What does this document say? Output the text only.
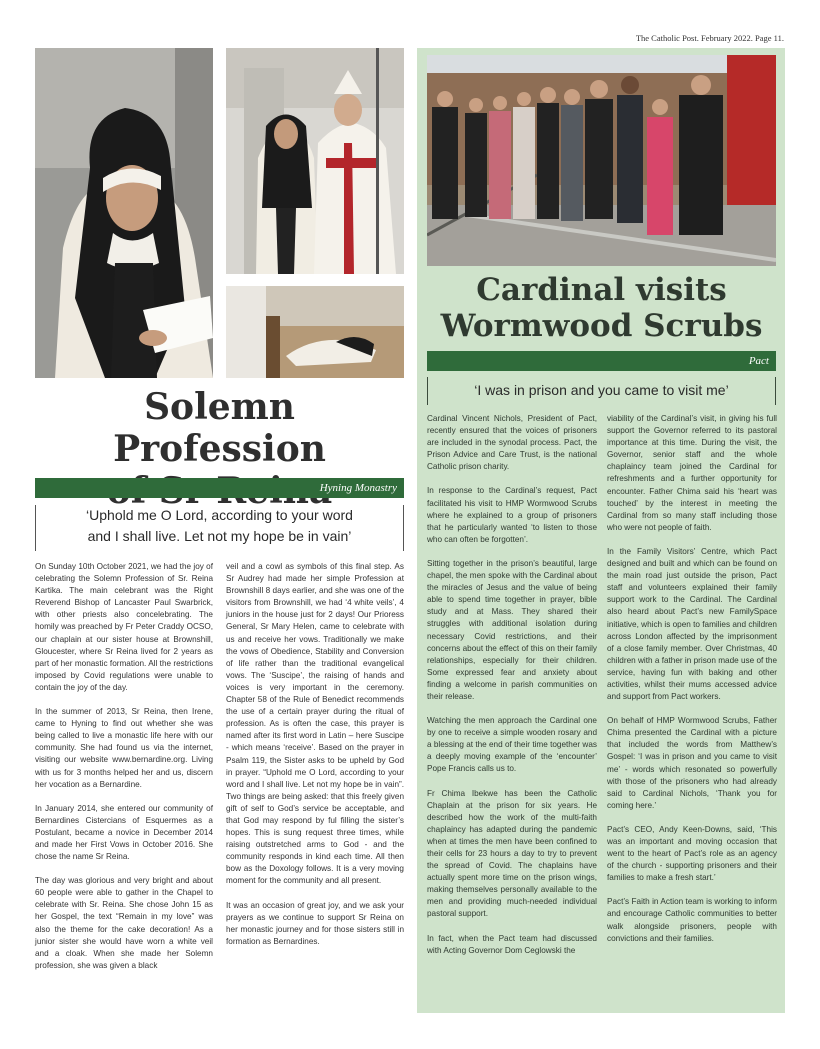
The Catholic Post. February 2022. Page 11.
Solemn Profession
Hyning Monastry
‘Uphold me O Lord, according to your word
and I shall live. Let not my hope be in vain’

On Sunday 10th October 2021, we had the joy of celebrating the Solemn Profession of Sr. Reina Kartika. The main celebrant was the Right Reverend Bishop of Lancaster Paul Swarbrick, with other priests also concelebrating. The homily was preached by Fr Peter Craddy OCSO, our chaplain at our sister house at Brownshill, Gloucester, where Sr Reina lived for 2 years as part of her monastic formation. All the restrictions imposed by Covid regulations were unable to contain the joy of the day.

In the summer of 2013, Sr Reina, then Irene, came to Hyning to find out whether she was being called to live a monastic life here with our community. She had found us via the internet, visiting our website www.bernardine.org. Living with us for 3 months helped her and us, discern her vocation as a Bernardine.

In January 2014, she entered our community of Bernardines Cistercians of Esquermes as a Postulant, became a novice in December 2014 and made her First Vows in October 2016. She chose the name Sr Reina.

The day was glorious and very bright and about 60 people were able to gather in the Chapel to celebrate with Sr. Reina. She chose John 15 as her Gospel, the text “Remain in my love” was also the theme for the cake decoration! As a junior sister she would have worn a white veil and a cloak. When she made her Solemn profession, she was given a black

veil and a cowl as symbols of this final step. As Sr Audrey had made her simple Profession at Brownshill 8 days earlier, and she was one of the visitors from Brownshill, we had ‘4 white veils’, 4 juniors in the house just for 2 days! Our Prioress General, Sr Mary Helen, came to celebrate with us and receive her vows. Traditionally we make the vows of Obedience, Stability and Conversion of life rather than the traditional evangelical vows. The ‘Suscipe’, the raising of hands and voices is very important in the ceremony. Chapter 58 of the Rule of Benedict recommends the use of a certain prayer during the ritual of profession. As is often the case, this prayer is named after its first word in Latin – here Suscipe - which means ‘receive’. Based on the prayer in Psalm 119, the Sister asks to be upheld by God in prayer. “Uphold me O Lord, according to your word and I shall live. Let not my hope be in vain”. Two things are being asked: that this freely given gift of self to God’s service be acceptable, and that God may respond by ful filling the sister’s hopes. This is sung request three times, while raising outstretched arms to God - and the community responds in kind each time. All then bow as the Doxology follows. It is a very moving moment for the community and all present.

It was an occasion of great joy, and we ask your prayers as we continue to support Sr Reina on her monastic journey and for those sisters still in formation as Bernardines.

Cardinal visits
Wormwood Scrubs
Pact
‘I was in prison and you came to visit me’

Cardinal Vincent Nichols, President of Pact, recently ensured that the voices of prisoners are included in the synodal process. Pact, the Prison Advice and Care Trust, is the national Catholic prison charity.

In response to the Cardinal’s request, Pact facilitated his visit to HMP Wormwood Scrubs where he explained to a group of prisoners that he particularly wanted ‘to listen to those who can often be forgotten’.

Sitting together in the prison’s beautiful, large chapel, the men spoke with the Cardinal about the miracles of Jesus and the value of being able to spend time together in prayer, bible study and at Mass. They shared their struggles with additional isolation during necessary Covid restrictions, and their concerns about the effect of this on their family relationships, especially for their children. Some expressed fear and anxiety about finding a welcome in parish communities on their release.

Watching the men approach the Cardinal one by one to receive a simple wooden rosary and a blessing at the end of their time together was a deeply moving example of the ‘encounter’ Pope Francis calls us to.

Fr Chima Ibekwe has been the Catholic Chaplain at the prison for six years. He described how the work of the multi-faith chaplaincy has adapted during the pandemic when at times the men have been confined to their cells for 23 hours a day to try to prevent the spread of Covid. The chaplains have actually spent more time on the prison wings, making themselves personally available to the men and providing much-needed individual pastoral support.

In fact, when the Pact team had discussed with Acting Governor Dom Ceglowski the

viability of the Cardinal’s visit, in giving his full support the Governor referred to its pastoral importance at this time. During the visit, the Governor, senior staff and the whole chaplaincy team joined the Cardinal for refreshments and a further opportunity for encounter. Father Chima said his ‘heart was touched’ by the interest in meeting the Cardinal from so many staff including those who were not people of faith.

In the Family Visitors’ Centre, which Pact designed and built and which can be found on the main road just outside the prison, Pact staff and volunteers explained their family support work to the Cardinal. The Cardinal also heard about Pact’s new FamilySpace initiative, which is open to families and children across London affected by the imprisonment of a close family member. Over Christmas, 40 children with a father in prison made use of the service, having fun with baking and other activities, whilst their mums accessed advice and support from Pact workers.

On behalf of HMP Wormwood Scrubs, Father Chima presented the Cardinal with a picture that included the words from Matthew’s Gospel: ‘I was in prison and you came to visit me’ - words which resonated so powerfully with those of the prisoners who had already said to Cardinal Nichols, ‘Thank you for coming here.’

Pact’s CEO, Andy Keen-Downs, said, ‘This was an important and moving occasion that went to the heart of Pact’s role as an agency of the church - supporting prisoners and their families to make a fresh start.’

Pact’s Faith in Action team is working to inform and encourage Catholic communities to better walk alongside prisoners, people with convictions and their families.
